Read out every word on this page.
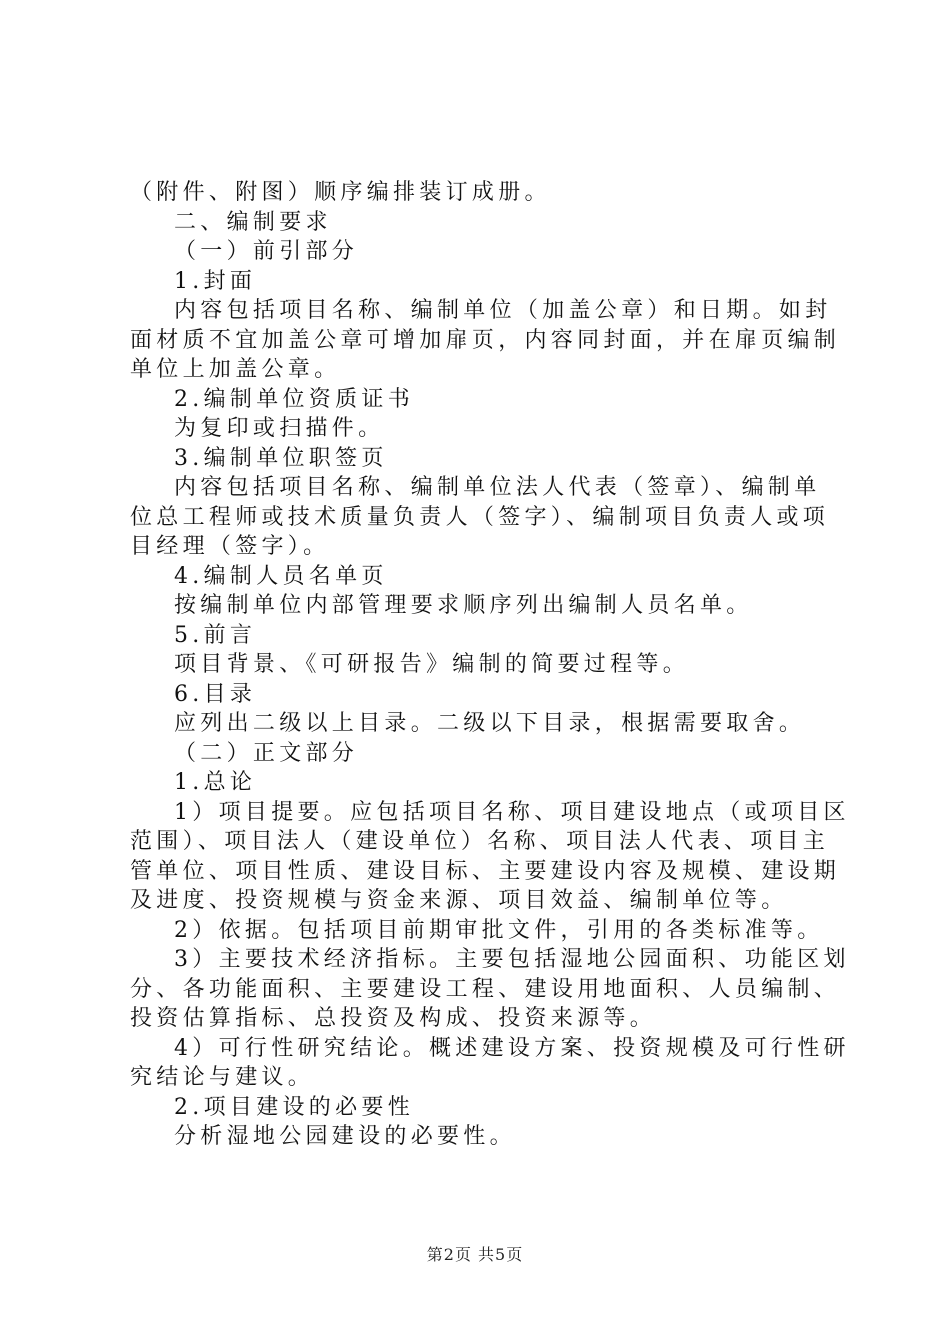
（附件、附图）顺序编排装订成册。
二、编制要求
（一）前引部分
1.封面
内容包括项目名称、编制单位（加盖公章）和日期。如封
面材质不宜加盖公章可增加扉页，内容同封面，并在扉页编制
单位上加盖公章。
2.编制单位资质证书
为复印或扫描件。
3.编制单位职签页
内容包括项目名称、编制单位法人代表（签章）、编制单
位总工程师或技术质量负责人（签字）、编制项目负责人或项
目经理（签字）。
4.编制人员名单页
按编制单位内部管理要求顺序列出编制人员名单。
5.前言
项目背景、《可研报告》编制的简要过程等。
6.目录
应列出二级以上目录。二级以下目录，根据需要取舍。
（二）正文部分
1.总论
1）项目提要。应包括项目名称、项目建设地点（或项目区
范围）、项目法人（建设单位）名称、项目法人代表、项目主
管单位、项目性质、建设目标、主要建设内容及规模、建设期
及进度、投资规模与资金来源、项目效益、编制单位等。
2）依据。包括项目前期审批文件，引用的各类标准等。
3）主要技术经济指标。主要包括湿地公园面积、功能区划
分、各功能面积、主要建设工程、建设用地面积、人员编制、
投资估算指标、总投资及构成、投资来源等。
4）可行性研究结论。概述建设方案、投资规模及可行性研
究结论与建议。
2.项目建设的必要性
分析湿地公园建设的必要性。
第2页 共5页
